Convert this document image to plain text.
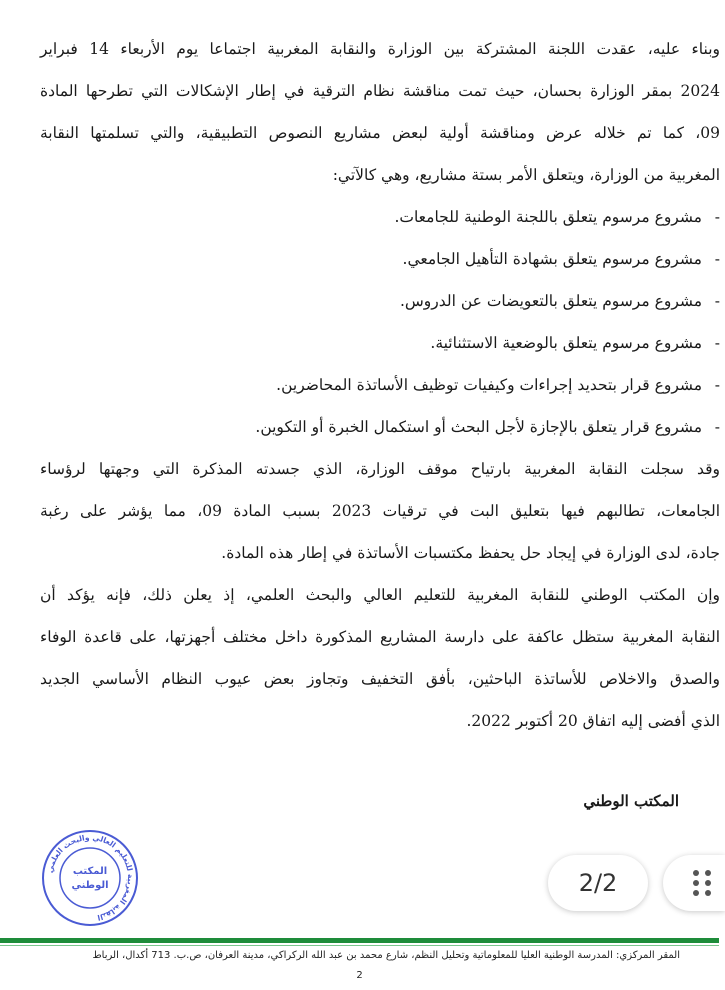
وبناء عليه، عقدت اللجنة المشتركة بين الوزارة والنقابة المغربية اجتماعا يوم الأربعاء 14 فبراير
2024 بمقر الوزارة بحسان، حيث تمت مناقشة نظام الترقية في إطار الإشكالات التي تطرحها المادة
09، كما تم خلاله عرض ومناقشة أولية لبعض مشاريع النصوص التطبيقية، والتي تسلمتها النقابة
المغربية من الوزارة، ويتعلق الأمر بستة مشاريع، وهي كالآتي:
-
مشروع مرسوم يتعلق باللجنة الوطنية للجامعات.
-
مشروع مرسوم يتعلق بشهادة التأهيل الجامعي.
-
مشروع مرسوم يتعلق بالتعويضات عن الدروس.
-
مشروع مرسوم يتعلق بالوضعية الاستثنائية.
-
مشروع قرار بتحديد إجراءات وكيفيات توظيف الأساتذة المحاضرين.
-
مشروع قرار يتعلق بالإجازة لأجل البحث أو استكمال الخبرة أو التكوين.
وقد سجلت النقابة المغربية بارتياح موقف الوزارة، الذي جسدته المذكرة التي وجهتها لرؤساء
الجامعات، تطالبهم فيها بتعليق البت في ترقيات 2023 بسبب المادة 09، مما يؤشر على رغبة
جادة، لدى الوزارة في إيجاد حل يحفظ مكتسبات الأساتذة في إطار هذه المادة.
وإن المكتب الوطني للنقابة المغربية للتعليم العالي والبحث العلمي، إذ يعلن ذلك، فإنه يؤكد أن
النقابة المغربية ستظل عاكفة على دارسة المشاريع المذكورة داخل مختلف أجهزتها، على قاعدة الوفاء
والصدق والاخلاص للأساتذة الباحثين، بأفق التخفيف وتجاوز بعض عيوب النظام الأساسي الجديد
الذي أفضى إليه اتفاق 20 أكتوبر 2022.
المكتب الوطني
النقابة المغربية للتعليم العالي والبحث العلمي
المكتب
الوطني	2/2
المقر المركزي: المدرسة الوطنية العليا للمعلوماتية وتحليل النظم، شارع محمد بن عبد الله الركراكي، مدينة العرفان، ص.ب. 713 أكدال، الرباط
2
